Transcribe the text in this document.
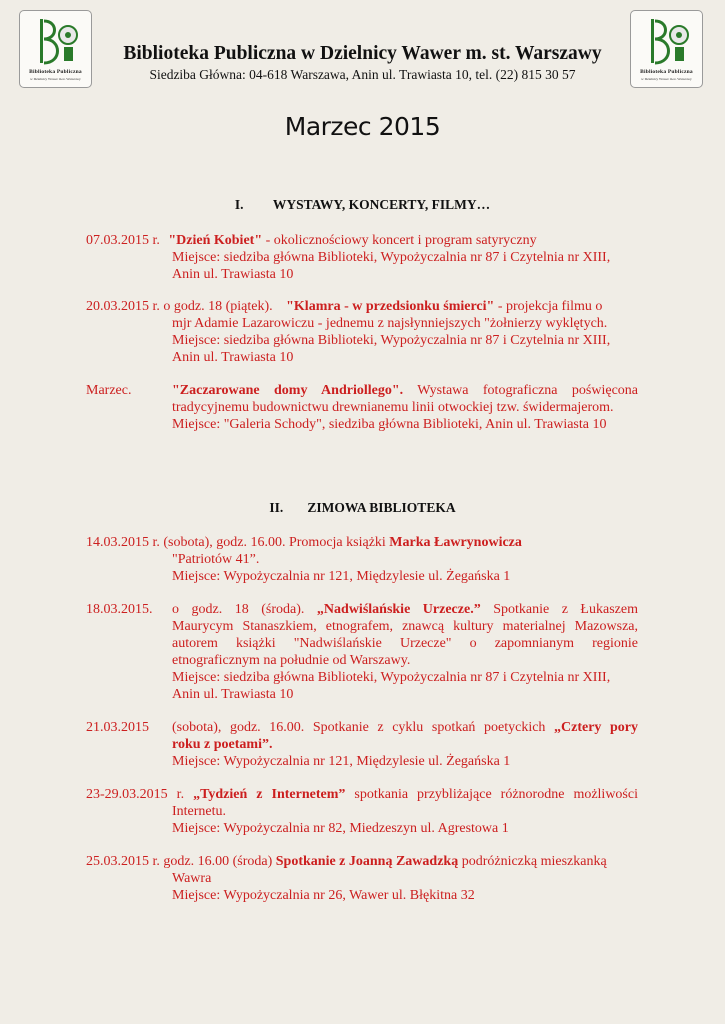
Biblioteka Publiczna
w Dzielnicy Wawer m.st. Warszawy
Biblioteka Publiczna
w Dzielnicy Wawer m.st. Warszawy
Biblioteka Publiczna w Dzielnicy Wawer m. st. Warszawy
Siedziba Główna: 04-618 Warszawa, Anin ul. Trawiasta 10, tel. (22) 815 30 57
Marzec 2015
I. WYSTAWY, KONCERTY, FILMY…
07.03.2015 r. "Dzień Kobiet" - okolicznościowy koncert i program satyryczny
Miejsce: siedziba główna Biblioteki, Wypożyczalnia nr 87 i Czytelnia nr XIII,
Anin ul. Trawiasta 10
20.03.2015 r. o godz. 18 (piątek). "Klamra - w przedsionku śmierci" - projekcja filmu o
mjr Adamie Lazarowiczu - jednemu z najsłynniejszych "żołnierzy wyklętych.
Miejsce: siedziba główna Biblioteki, Wypożyczalnia nr 87 i Czytelnia nr XIII,
Anin ul. Trawiasta 10
Marzec.	"Zaczarowane domy Andriollego". Wystawa fotograficzna poświęcona
tradycyjnemu budownictwu drewnianemu linii otwockiej tzw. świdermajerom.
Miejsce: "Galeria Schody", siedziba główna Biblioteki, Anin ul. Trawiasta 10
II. ZIMOWA BIBLIOTEKA
14.03.2015 r. (sobota), godz. 16.00. Promocja książki Marka Ławrynowicza
"Patriotów 41”.
Miejsce: Wypożyczalnia nr 121, Międzylesie ul. Żegańska 1
18.03.2015. o godz. 18 (środa). „Nadwiślańskie Urzecze.” Spotkanie z Łukaszem
Maurycym Stanaszkiem, etnografem, znawcą kultury materialnej Mazowsza,
autorem książki "Nadwiślańskie Urzecze" o zapomnianym regionie
etnograficznym na południe od Warszawy.
Miejsce: siedziba główna Biblioteki, Wypożyczalnia nr 87 i Czytelnia nr XIII,
Anin ul. Trawiasta 10
21.03.2015 (sobota), godz. 16.00. Spotkanie z cyklu spotkań poetyckich „Cztery pory
roku z poetami”.
Miejsce: Wypożyczalnia nr 121, Międzylesie ul. Żegańska 1
23-29.03.2015 r. „Tydzień z Internetem” spotkania przybliżające różnorodne możliwości
Internetu.
Miejsce: Wypożyczalnia nr 82, Miedzeszyn ul. Agrestowa 1
25.03.2015 r. godz. 16.00 (środa) Spotkanie z Joanną Zawadzką podróżniczką mieszkanką
Wawra
Miejsce: Wypożyczalnia nr 26, Wawer ul. Błękitna 32
